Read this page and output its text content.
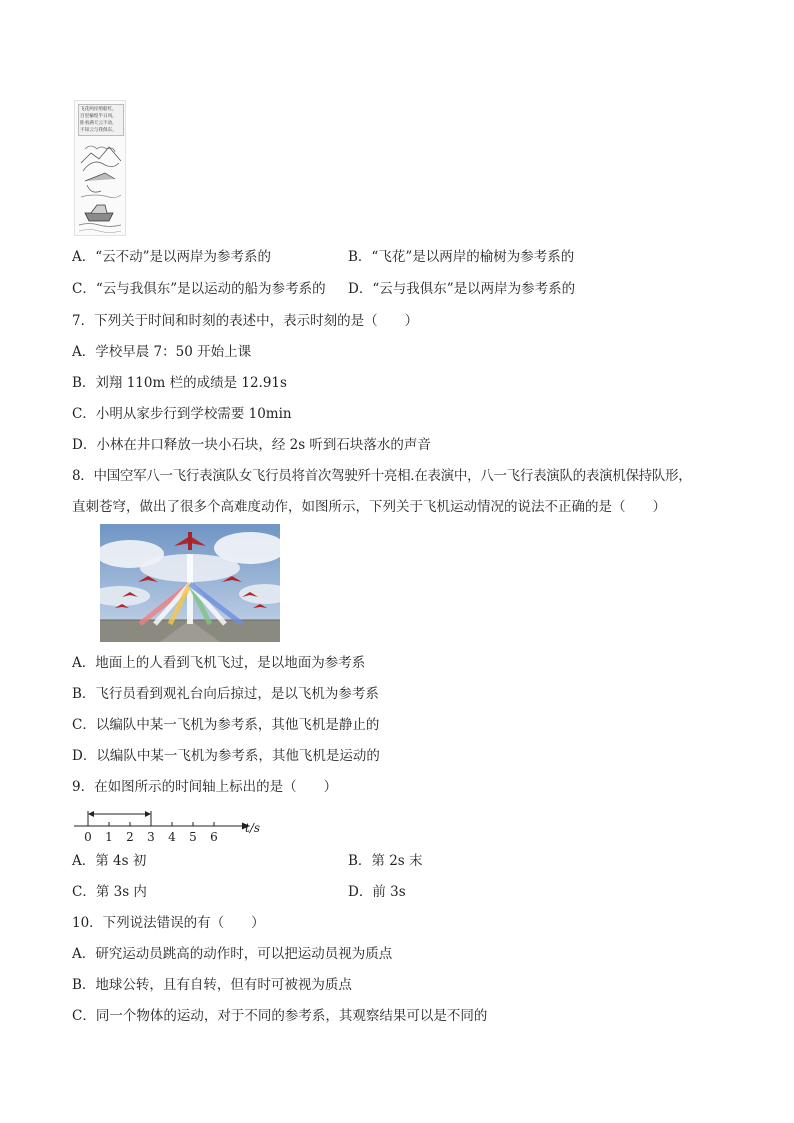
飞花两岸照船红，
百里榆堤半日风，
卧看满天云不动，
不知云与我俱东。
A．“云不动”是以两岸为参考系的	B．“飞花”是以两岸的榆树为参考系的
C．“云与我俱东”是以运动的船为参考系的 D．“云与我俱东”是以两岸为参考系的
7．下列关于时间和时刻的表述中，表示时刻的是（　　）
A．学校早晨 7：50 开始上课
B．刘翔 110m 栏的成绩是 12.91s
C．小明从家步行到学校需要 10min
D．小林在井口释放一块小石块，经 2s 听到石块落水的声音
8．中国空军八一飞行表演队女飞行员将首次驾驶歼十亮相.在表演中，八一飞行表演队的表演机保持队形，
直刺苍穹，做出了很多个高难度动作，如图所示，下列关于飞机运动情况的说法不正确的是（　　）
A．地面上的人看到飞机飞过，是以地面为参考系
B．飞行员看到观礼台向后掠过，是以飞机为参考系
C．以编队中某一飞机为参考系，其他飞机是静止的
D．以编队中某一飞机为参考系，其他飞机是运动的
9．在如图所示的时间轴上标出的是（　　）
0 1 2 3 4 5 6
t/s
A．第 4s 初	B．第 2s 末
C．第 3s 内	D．前 3s
10．下列说法错误的有（　　）
A．研究运动员跳高的动作时，可以把运动员视为质点
B．地球公转，且有自转，但有时可被视为质点
C．同一个物体的运动，对于不同的参考系，其观察结果可以是不同的
